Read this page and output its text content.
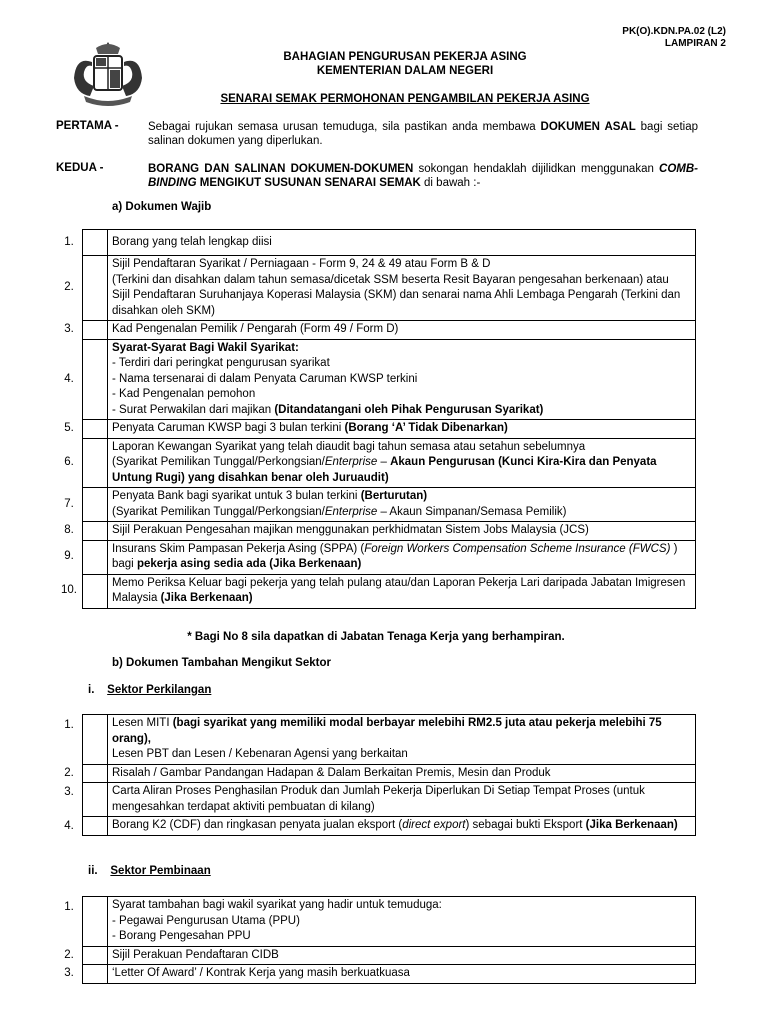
PK(O).KDN.PA.02 (L2)
LAMPIRAN 2
BAHAGIAN PENGURUSAN PEKERJA ASING
KEMENTERIAN DALAM NEGERI
SENARAI SEMAK PERMOHONAN PENGAMBILAN PEKERJA ASING
PERTAMA -	Sebagai rujukan semasa urusan temuduga, sila pastikan anda membawa DOKUMEN ASAL bagi setiap salinan dokumen yang diperlukan.
KEDUA -	BORANG DAN SALINAN DOKUMEN-DOKUMEN sokongan hendaklah dijilidkan menggunakan COMB-BINDING MENGIKUT SUSUNAN SENARAI SEMAK di bawah :-
a) Dokumen Wajib
1.		Borang yang telah lengkap diisi
2.		Sijil Pendaftaran Syarikat / Perniagaan - Form 9, 24 & 49 atau Form B & D
(Terkini dan disahkan dalam tahun semasa/dicetak SSM beserta Resit Bayaran pengesahan berkenaan) atau
Sijil Pendaftaran Suruhanjaya Koperasi Malaysia (SKM) dan senarai nama Ahli Lembaga Pengarah (Terkini dan disahkan oleh SKM)

3.		Kad Pengenalan Pemilik / Pengarah (Form 49 / Form D)
4.		Syarat-Syarat Bagi Wakil Syarikat:
- Terdiri dari peringkat pengurusan syarikat
- Nama tersenarai di dalam Penyata Caruman KWSP terkini
- Kad Pengenalan pemohon
- Surat Perwakilan dari majikan (Ditandatangani oleh Pihak Pengurusan Syarikat)

5.		Penyata Caruman KWSP bagi 3 bulan terkini (Borang ‘A’ Tidak Dibenarkan)
6.		Laporan Kewangan Syarikat yang telah diaudit bagi tahun semasa atau setahun sebelumnya
(Syarikat Pemilikan Tunggal/Perkongsian/Enterprise – Akaun Pengurusan (Kunci Kira-Kira dan Penyata Untung Rugi) yang disahkan benar oleh Juruaudit)

7.		Penyata Bank bagi syarikat untuk 3 bulan terkini (Berturutan)
(Syarikat Pemilikan Tunggal/Perkongsian/Enterprise – Akaun Simpanan/Semasa Pemilik)

8.		Sijil Perakuan Pengesahan majikan menggunakan perkhidmatan Sistem Jobs Malaysia (JCS)
9.		Insurans Skim Pampasan Pekerja Asing (SPPA) (Foreign Workers Compensation Scheme Insurance (FWCS) ) bagi pekerja asing sedia ada (Jika Berkenaan)
10.		Memo Periksa Keluar bagi pekerja yang telah pulang atau/dan Laporan Pekerja Lari daripada Jabatan Imigresen Malaysia (Jika Berkenaan)
* Bagi No 8 sila dapatkan di Jabatan Tenaga Kerja yang berhampiran.
b) Dokumen Tambahan Mengikut Sektor
i. Sektor Perkilangan
1.		Lesen MITI (bagi syarikat yang memiliki modal berbayar melebihi RM2.5 juta atau pekerja melebihi 75 orang),
Lesen PBT dan Lesen / Kebenaran Agensi yang berkaitan

2.		Risalah / Gambar Pandangan Hadapan & Dalam Berkaitan Premis, Mesin dan Produk
3.		Carta Aliran Proses Penghasilan Produk dan Jumlah Pekerja Diperlukan Di Setiap Tempat Proses (untuk mengesahkan terdapat aktiviti pembuatan di kilang)
4.		Borang K2 (CDF) dan ringkasan penyata jualan eksport (direct export) sebagai bukti Eksport (Jika Berkenaan)
ii. Sektor Pembinaan
1.		Syarat tambahan bagi wakil syarikat yang hadir untuk temuduga:
- Pegawai Pengurusan Utama (PPU)
- Borang Pengesahan PPU

2.		Sijil Perakuan Pendaftaran CIDB
3.		‘Letter Of Award’ / Kontrak Kerja yang masih berkuatkuasa
